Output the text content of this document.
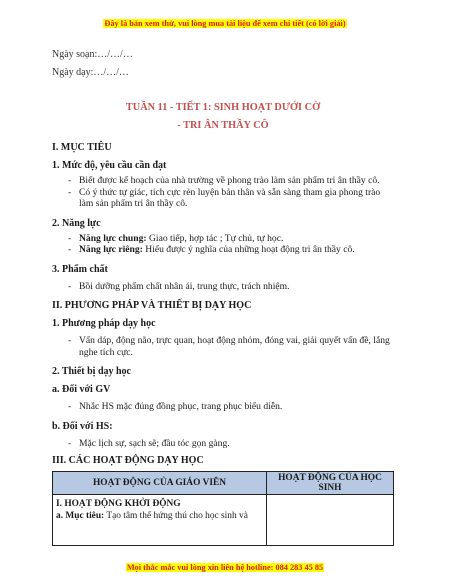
Đây là bản xem thử, vui lòng mua tài liệu để xem chi tiết (có lời giải)
Ngày soạn:…/…/…
Ngày dạy:…/…/…
TUẦN 11 - TIẾT 1: SINH HOẠT DƯỚI CỜ
- TRI ÂN THẦY CÔ
I. MỤC TIÊU
1. Mức độ, yêu cầu cần đạt
- Biết được kế hoạch của nhà trường về phong trào làm sản phẩm tri ân thầy cô.
- Có ý thức tự giác, tích cực rèn luyện bản thân và sẵn sàng tham gia phong trào làm sản phẩm tri ân thầy cô.
2. Năng lực
- Năng lực chung: Giao tiếp, hợp tác ; Tự chủ, tự học.
- Năng lực riêng: Hiểu được ý nghĩa của những hoạt động tri ân thầy cô.
3. Phẩm chất
- Bồi dưỡng phẩm chất nhân ái, trung thực, trách nhiệm.
II. PHƯƠNG PHÁP VÀ THIẾT BỊ DẠY HỌC
1. Phương pháp dạy học
- Vấn dáp, động não, trực quan, hoạt động nhóm, đóng vai, giải quyết vấn đề, lắng nghe tích cực.
2. Thiết bị dạy học
a. Đối với GV
- Nhắc HS mặc đúng đồng phục, trang phục biểu diễn.
b. Đối với HS:
- Mặc lịch sự, sạch sẽ; đầu tóc gọn gàng.
III. CÁC HOẠT ĐỘNG DẠY HỌC
HOẠT ĐỘNG CỦA GIÁO VIÊN	HOẠT ĐỘNG CỦA HỌC SINH

I. HOẠT ĐỘNG KHỞI ĐỘNG
a. Mục tiêu: Tạo tâm thế hứng thú cho học sinh và	

Mọi thắc mắc vui lòng xin liên hệ hotline: 084 283 45 85
